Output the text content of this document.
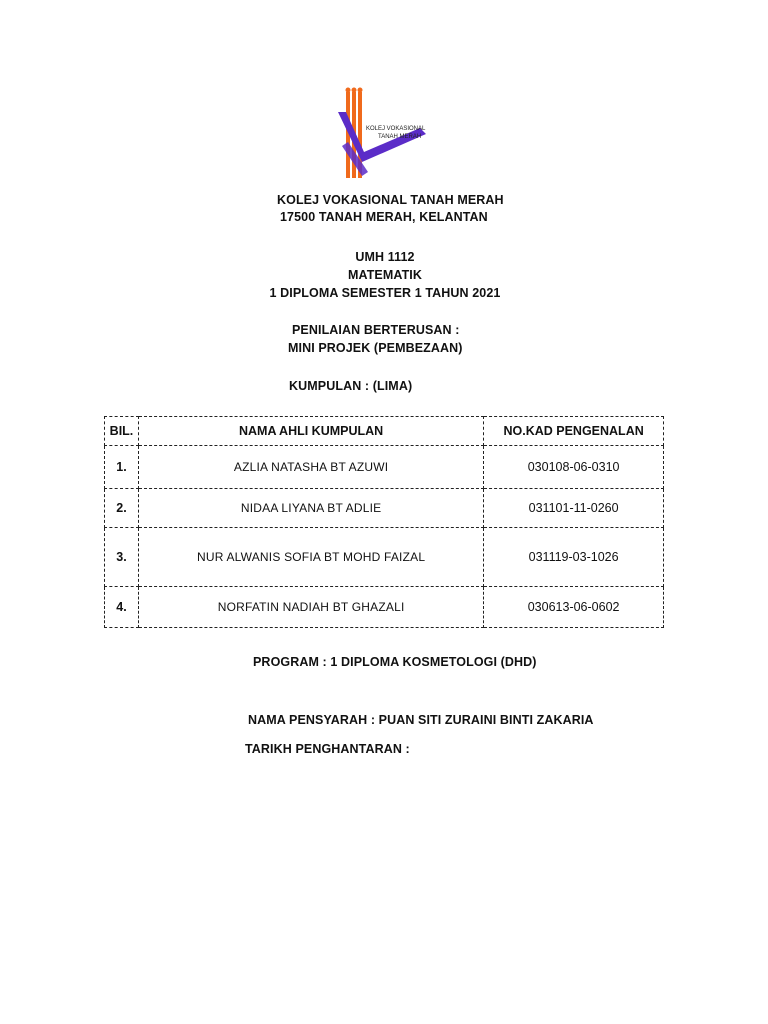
KOLEJ VOKASIONAL
TANAH MERAH
KOLEJ VOKASIONAL TANAH MERAH
17500 TANAH MERAH, KELANTAN
UMH 1112
MATEMATIK
1 DIPLOMA SEMESTER 1 TAHUN 2021
PENILAIAN BERTERUSAN :
MINI PROJEK (PEMBEZAAN)
KUMPULAN : (LIMA)
BIL.	NAMA AHLI KUMPULAN	NO.KAD PENGENALAN
1.	AZLIA NATASHA BT AZUWI	030108-06-0310
2.	NIDAA LIYANA BT ADLIE	031101-11-0260
3.	NUR ALWANIS SOFIA BT MOHD FAIZAL	031119-03-1026
4.	NORFATIN NADIAH BT GHAZALI	030613-06-0602
PROGRAM : 1 DIPLOMA KOSMETOLOGI (DHD)
NAMA PENSYARAH : PUAN SITI ZURAINI BINTI ZAKARIA
TARIKH PENGHANTARAN :
